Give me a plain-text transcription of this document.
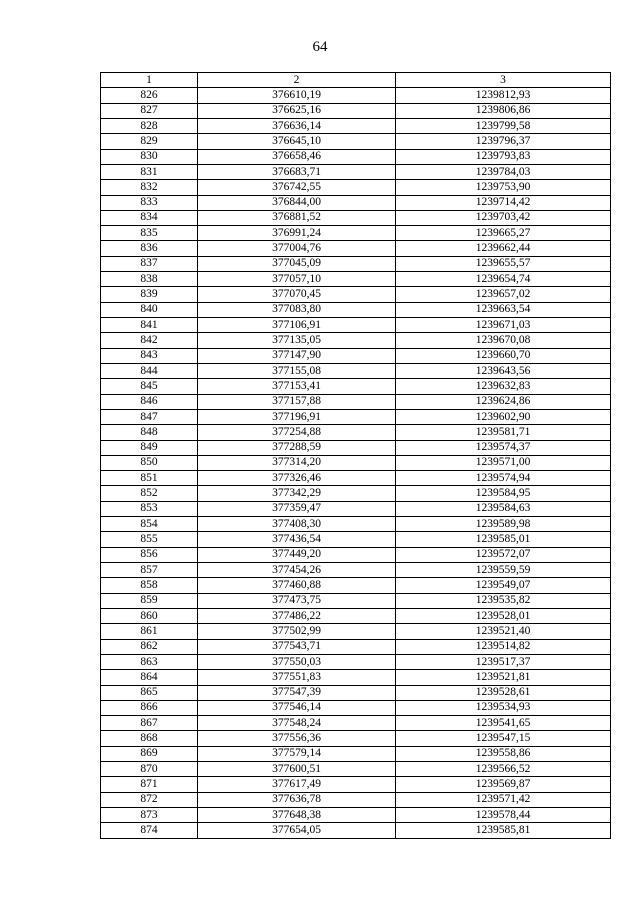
64
1	2	3
826	376610,19	1239812,93
827	376625,16	1239806,86
828	376636,14	1239799,58
829	376645,10	1239796,37
830	376658,46	1239793,83
831	376683,71	1239784,03
832	376742,55	1239753,90
833	376844,00	1239714,42
834	376881,52	1239703,42
835	376991,24	1239665,27
836	377004,76	1239662,44
837	377045,09	1239655,57
838	377057,10	1239654,74
839	377070,45	1239657,02
840	377083,80	1239663,54
841	377106,91	1239671,03
842	377135,05	1239670,08
843	377147,90	1239660,70
844	377155,08	1239643,56
845	377153,41	1239632,83
846	377157,88	1239624,86
847	377196,91	1239602,90
848	377254,88	1239581,71
849	377288,59	1239574,37
850	377314,20	1239571,00
851	377326,46	1239574,94
852	377342,29	1239584,95
853	377359,47	1239584,63
854	377408,30	1239589,98
855	377436,54	1239585,01
856	377449,20	1239572,07
857	377454,26	1239559,59
858	377460,88	1239549,07
859	377473,75	1239535,82
860	377486,22	1239528,01
861	377502,99	1239521,40
862	377543,71	1239514,82
863	377550,03	1239517,37
864	377551,83	1239521,81
865	377547,39	1239528,61
866	377546,14	1239534,93
867	377548,24	1239541,65
868	377556,36	1239547,15
869	377579,14	1239558,86
870	377600,51	1239566,52
871	377617,49	1239569,87
872	377636,78	1239571,42
873	377648,38	1239578,44
874	377654,05	1239585,81
